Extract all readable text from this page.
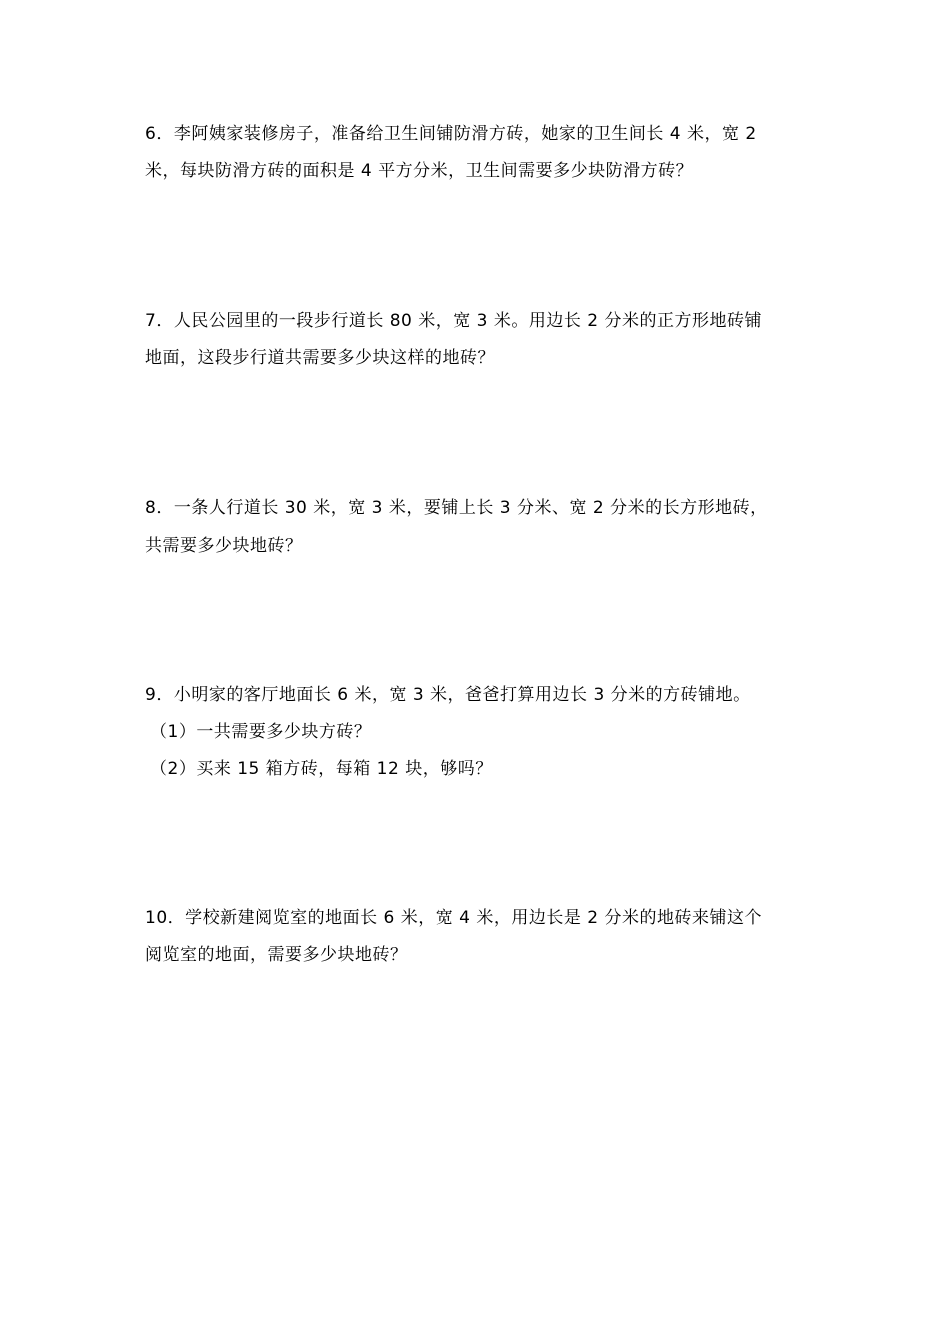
6．李阿姨家装修房子，准备给卫生间铺防滑方砖，她家的卫生间长 4 米，宽 2
米，每块防滑方砖的面积是 4 平方分米，卫生间需要多少块防滑方砖？
7．人民公园里的一段步行道长 80 米，宽 3 米。用边长 2 分米的正方形地砖铺
地面，这段步行道共需要多少块这样的地砖？
8．一条人行道长 30 米，宽 3 米，要铺上长 3 分米、宽 2 分米的长方形地砖，
共需要多少块地砖？
9．小明家的客厅地面长 6 米，宽 3 米，爸爸打算用边长 3 分米的方砖铺地。
（1）一共需要多少块方砖？
（2）买来 15 箱方砖，每箱 12 块，够吗？
10．学校新建阅览室的地面长 6 米，宽 4 米，用边长是 2 分米的地砖来铺这个
阅览室的地面，需要多少块地砖？
